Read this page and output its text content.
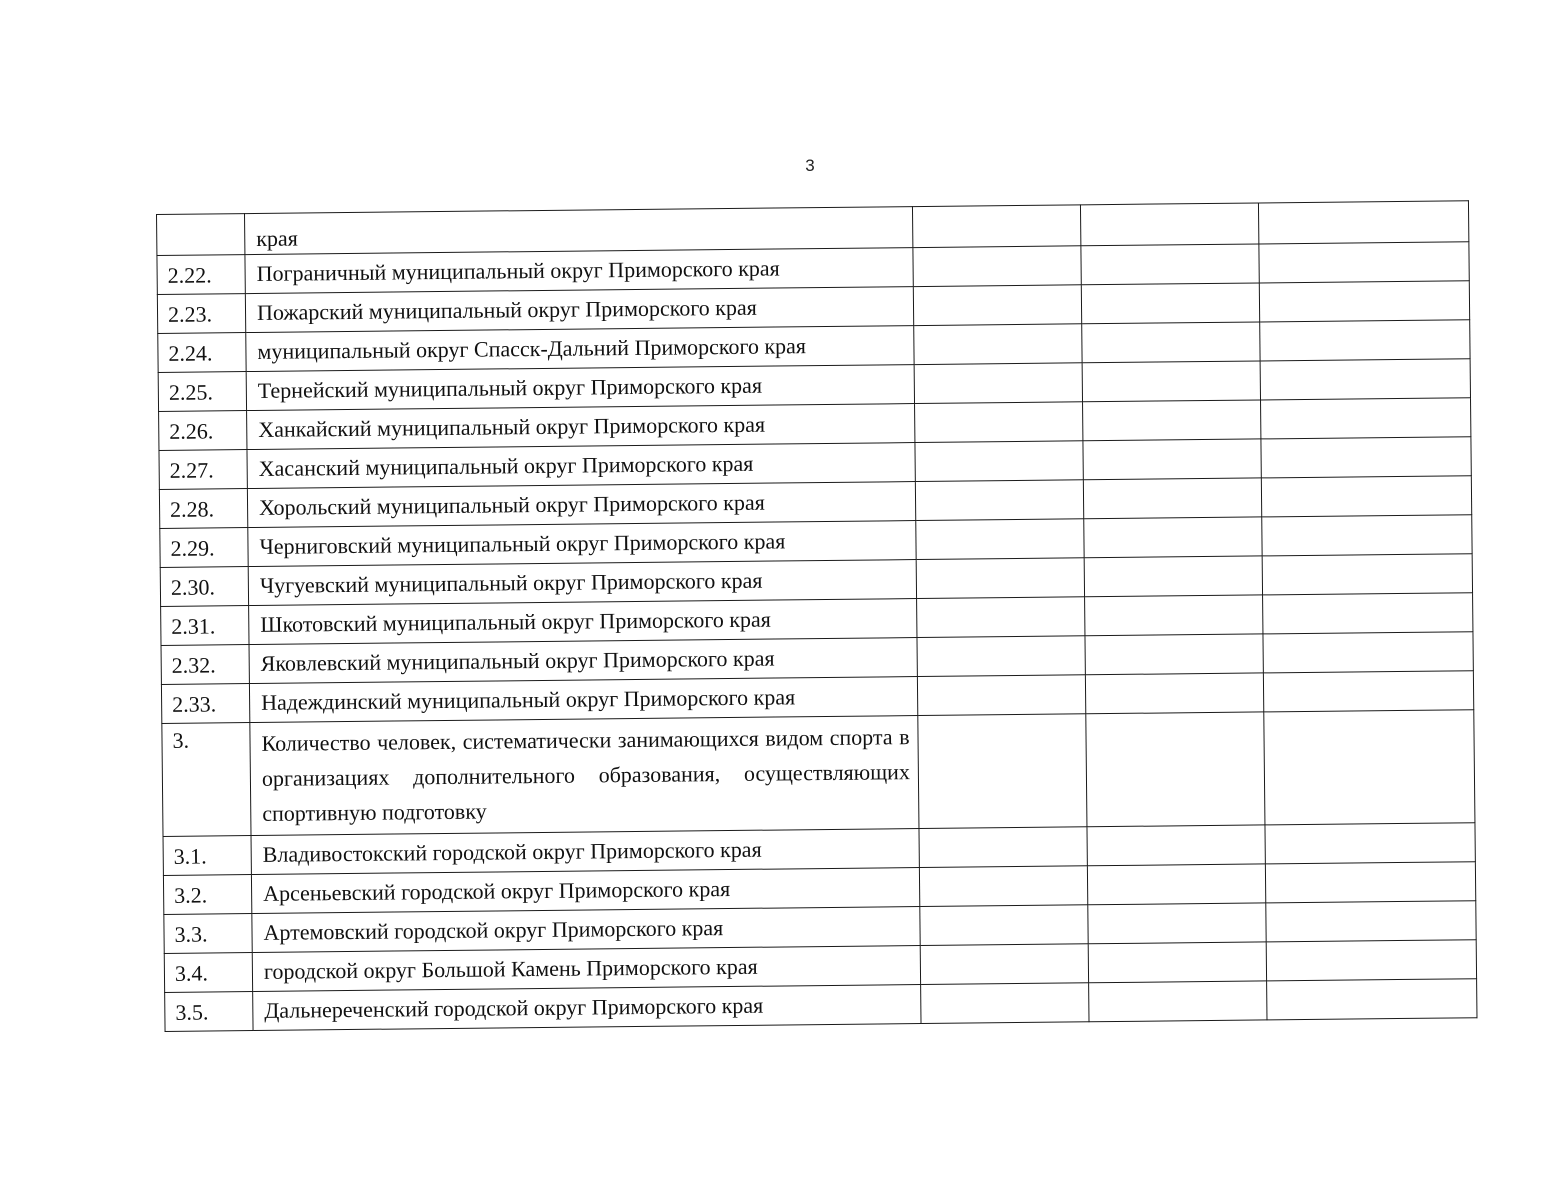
3
	края			
2.22.	Пограничный муниципальный округ Приморского края			
2.23.	Пожарский муниципальный округ Приморского края			
2.24.	муниципальный округ Спасск-Дальний Приморского края			
2.25.	Тернейский муниципальный округ Приморского края			
2.26.	Ханкайский муниципальный округ Приморского края			
2.27.	Хасанский муниципальный округ Приморского края			
2.28.	Хорольский муниципальный округ Приморского края			
2.29.	Черниговский муниципальный округ Приморского края			
2.30.	Чугуевский муниципальный округ Приморского края			
2.31.	Шкотовский муниципальный округ Приморского края			
2.32.	Яковлевский муниципальный округ Приморского края			
2.33.	Надеждинский муниципальный округ Приморского края			
3.	Количество человек, систематически занимающихся видом спорта в организациях дополнительного образования, осуществляющих спортивную подготовку			
3.1.	Владивостокский городской округ Приморского края			
3.2.	Арсеньевский городской округ Приморского края			
3.3.	Артемовский городской округ Приморского края			
3.4.	городской округ Большой Камень Приморского края			
3.5.	Дальнереченский городской округ Приморского края			
